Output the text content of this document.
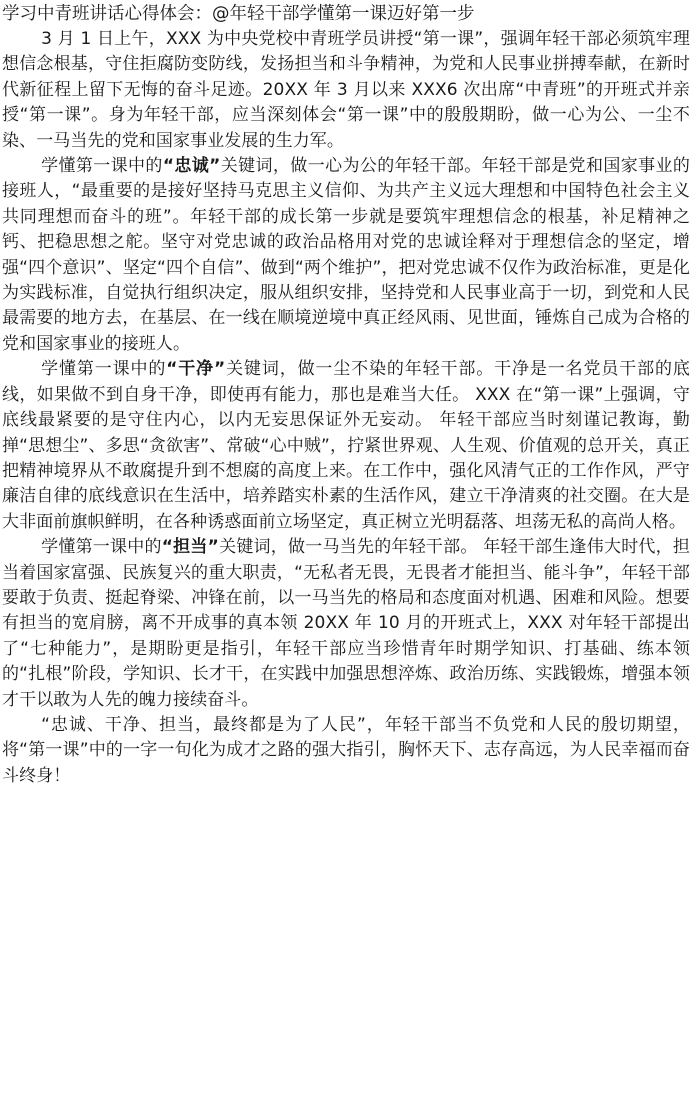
学习中青班讲话心得体会：@年轻干部学懂第一课迈好第一步

3 月 1 日上午，XXX 为中央党校中青班学员讲授“第一课”，强调年轻干部必须筑牢理想信念根基，守住拒腐防变防线，发扬担当和斗争精神，为党和人民事业拼搏奉献，在新时代新征程上留下无悔的奋斗足迹。20XX 年 3 月以来 XXX6 次出席“中青班”的开班式并亲授“第一课”。身为年轻干部，应当深刻体会“第一课”中的殷殷期盼，做一心为公、一尘不染、一马当先的党和国家事业发展的生力军。

学懂第一课中的“忠诚”关键词，做一心为公的年轻干部。年轻干部是党和国家事业的接班人，“最重要的是接好坚持马克思主义信仰、为共产主义远大理想和中国特色社会主义共同理想而奋斗的班”。年轻干部的成长第一步就是要筑牢理想信念的根基，补足精神之钙、把稳思想之舵。坚守对党忠诚的政治品格用对党的忠诚诠释对于理想信念的坚定，增强“四个意识”、坚定“四个自信”、做到“两个维护”，把对党忠诚不仅作为政治标准，更是化为实践标准，自觉执行组织决定，服从组织安排，坚持党和人民事业高于一切，到党和人民最需要的地方去，在基层、在一线在顺境逆境中真正经风雨、见世面，锤炼自己成为合格的党和国家事业的接班人。

学懂第一课中的“干净”关键词，做一尘不染的年轻干部。干净是一名党员干部的底线，如果做不到自身干净，即使再有能力，那也是难当大任。 XXX 在“第一课”上强调，守底线最紧要的是守住内心，以内无妄思保证外无妄动。 年轻干部应当时刻谨记教诲，勤掸“思想尘”、多思“贪欲害”、常破“心中贼”，拧紧世界观、人生观、价值观的总开关，真正把精神境界从不敢腐提升到不想腐的高度上来。在工作中，强化风清气正的工作作风，严守廉洁自律的底线意识在生活中，培养踏实朴素的生活作风，建立干净清爽的社交圈。在大是大非面前旗帜鲜明，在各种诱惑面前立场坚定，真正树立光明磊落、坦荡无私的高尚人格。

学懂第一课中的“担当”关键词，做一马当先的年轻干部。 年轻干部生逢伟大时代，担当着国家富强、民族复兴的重大职责，“无私者无畏，无畏者才能担当、能斗争”，年轻干部要敢于负责、挺起脊梁、冲锋在前，以一马当先的格局和态度面对机遇、困难和风险。想要有担当的宽肩膀，离不开成事的真本领 20XX 年 10 月的开班式上，XXX 对年轻干部提出了“七种能力”，是期盼更是指引，年轻干部应当珍惜青年时期学知识、打基础、练本领的“扎根”阶段，学知识、长才干，在实践中加强思想淬炼、政治历练、实践锻炼，增强本领才干以敢为人先的魄力接续奋斗。

“忠诚、干净、担当，最终都是为了人民”，年轻干部当不负党和人民的殷切期望，将“第一课”中的一字一句化为成才之路的强大指引，胸怀天下、志存高远，为人民幸福而奋斗终身！
